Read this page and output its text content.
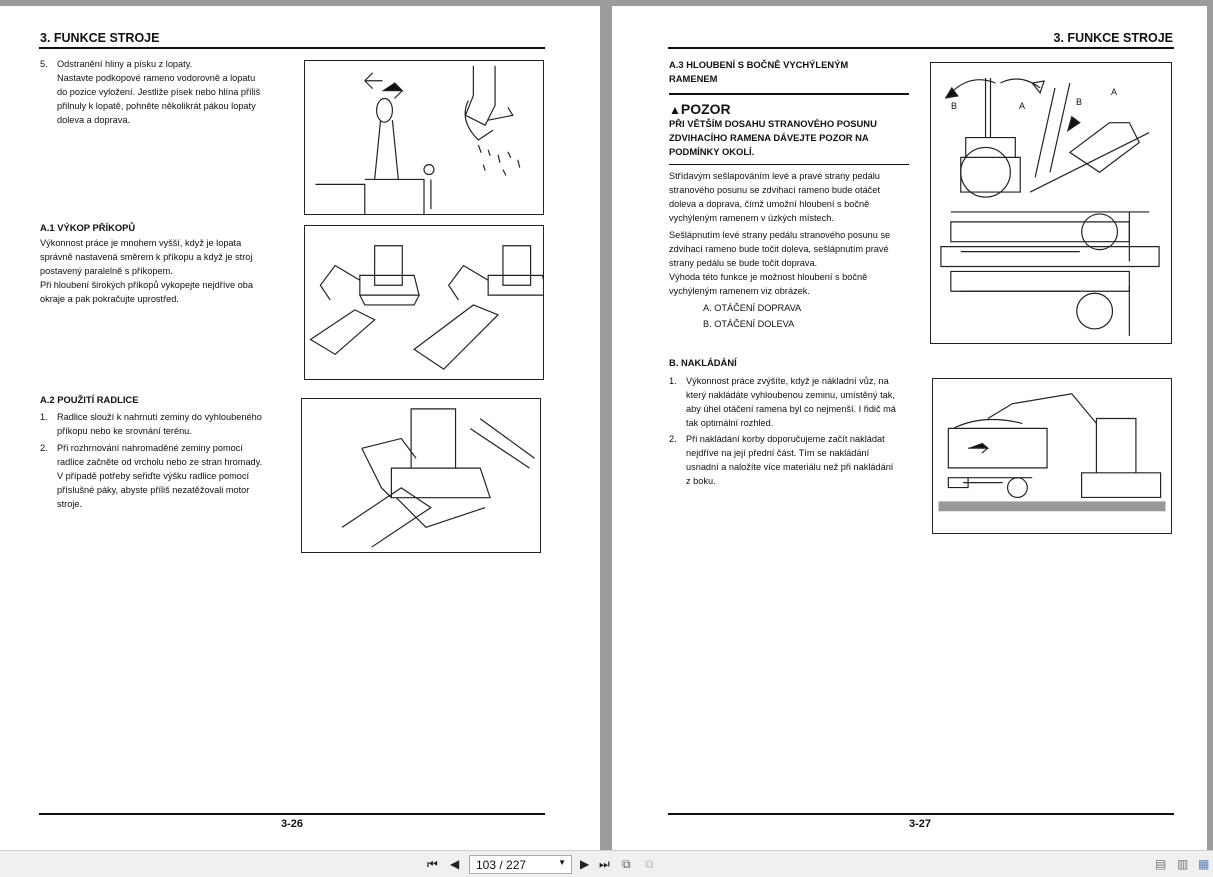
3. FUNKCE STROJE
5. Odstranění hliny a písku z lopaty.
Nastavte podkopové rameno vodorovně a lopatu
do pozice vyložení. Jestliže písek nebo hlína příliš
přilnuly k lopatě, pohněte několikrát pákou lopaty
doleva a doprava.
A.1 VÝKOP PŘÍKOPŮ
Výkonnost práce je mnohem vyšší, když je lopata
správně nastavená směrem k příkopu a když je stroj
postavený paralelně s příkopem.
Při hloubení širokých příkopů vykopejte nejdříve oba
okraje a pak pokračujte uprostřed.
A.2 POUŽITÍ RADLICE
1. Radlice slouží k nahrnutí zeminy do vyhloubeného
příkopu nebo ke srovnání terénu.
2. Při rozhrnování nahromaděné zeminy pomocí
radlice začněte od vrcholu nebo ze stran hromady.
V případě potřeby seřiďte výšku radlice pomocí
příslušné páky, abyste příliš nezatěžovali motor
stroje.
3-26
3. FUNKCE STROJE
A.3 HLOUBENÍ S BOČNĚ VYCHÝLENÝM
RAMENEM
▲POZOR
PŘI VĚTŠÍM DOSAHU STRANOVÉHO POSUNU
ZDVIHACÍHO RAMENA DÁVEJTE POZOR NA
PODMÍNKY OKOLÍ.
Střídavým sešlapováním levé a pravé strany pedálu
stranového posunu se zdvihací rameno bude otáčet
doleva a doprava, čímž umožní hloubení s bočně
vychýleným ramenem v úzkých místech.
Sešlápnutím levé strany pedálu stranového posunu se
zdvihací rameno bude točit doleva, sešlápnutím pravé
strany pedálu se bude točit doprava.
Výhoda této funkce je možnost hloubení s bočně
vychýleným ramenem viz obrázek.
A. OTÁČENÍ DOPRAVA
B. OTÁČENÍ DOLEVA
B. NAKLÁDÁNÍ
1. Výkonnost práce zvýšíte, když je nákladní vůz, na
který nakládáte vyhloubenou zeminu, umístěný tak,
aby úhel otáčení ramena byl co nejmenší. I řidič má
tak optimální rozhled.
2. Při nakládání korby doporučujeme začít nakládat
nejdříve na její přední část. Tím se nakládání
usnadní a naložíte více materiálu než při nakládání
z boku.
B	A	B
A
3-27
⏮ ◀	103 / 227	▼ ▶ ⏭ ⧉ ⧉	▤ ▥ ▦
